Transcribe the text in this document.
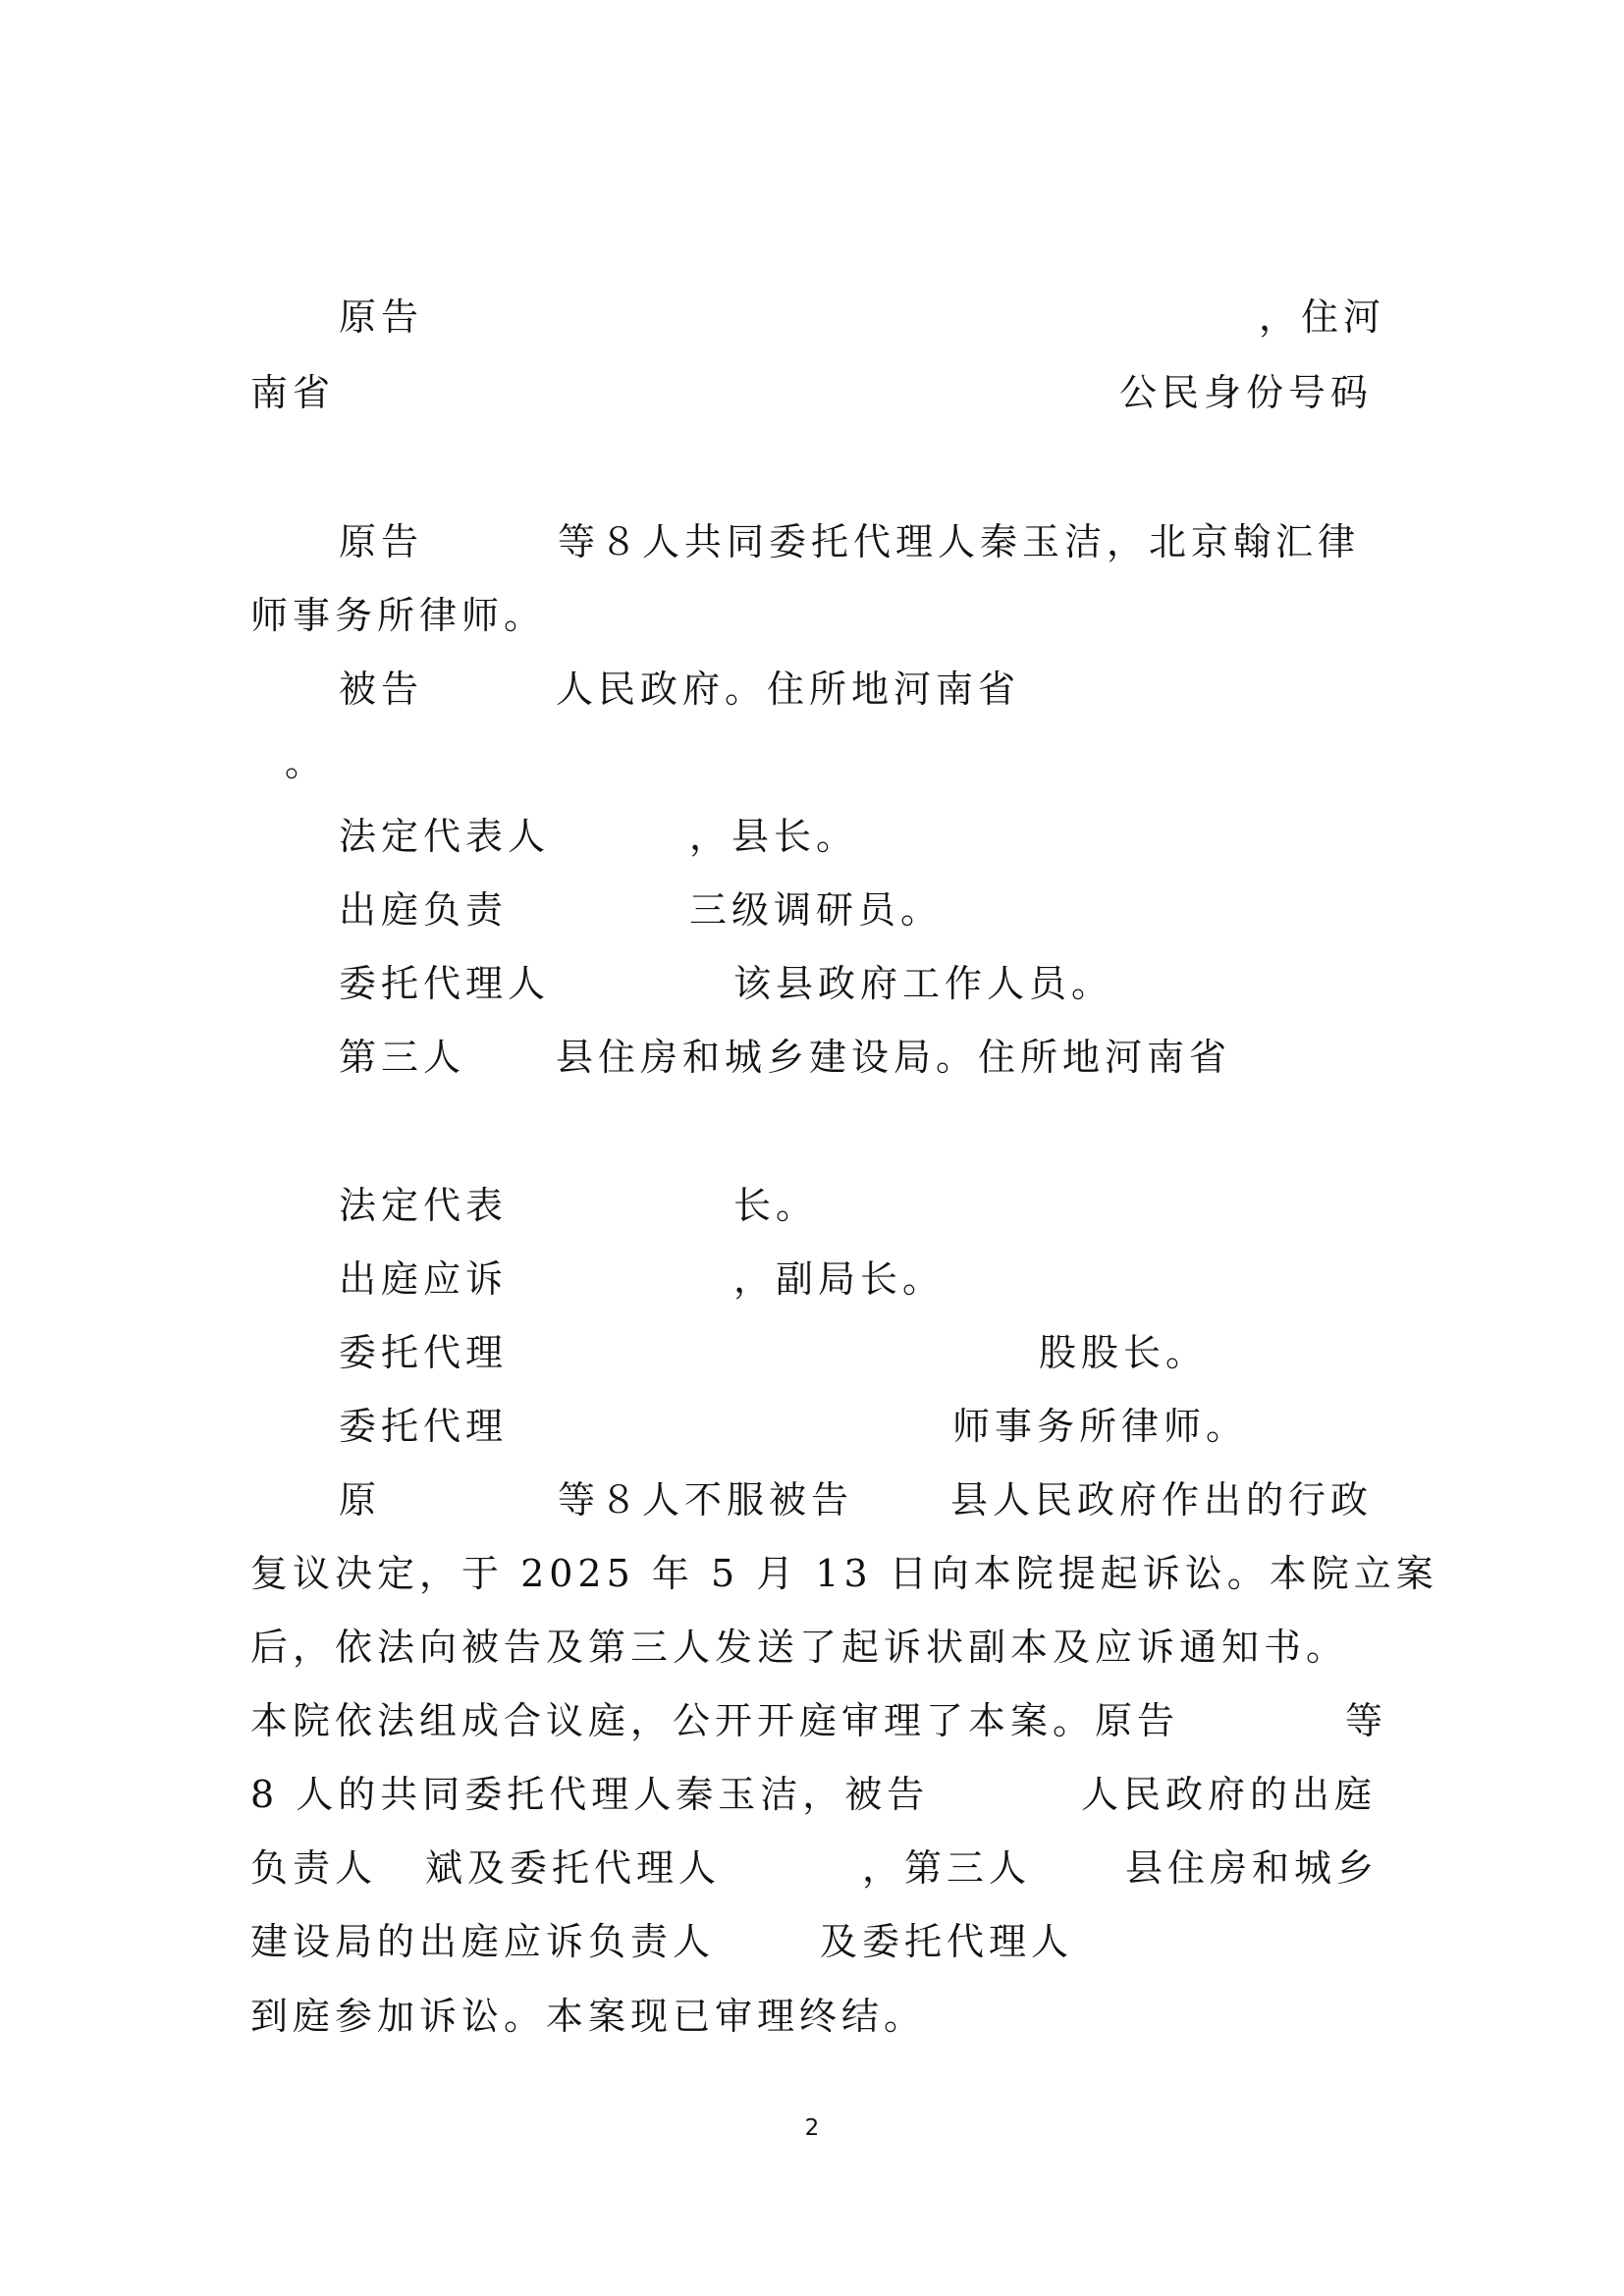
原告	，住河

南省	公民身份号码

原告	等８人共同委托代理人秦玉洁，北京翰汇律

师事务所律师。

被告	人民政府。住所地河南省

。

法定代表人	，县长。

出庭负责	三级调研员。

委托代理人	该县政府工作人员。

第三人 县住房和城乡建设局。住所地河南省

法定代表	长。

出庭应诉	，副局长。

委托代理	股股长。

委托代理	师事务所律师。

原	等８人不服被告	县人民政府作出的行政

复议决定，于 2025 年 5 月 13 日向本院提起诉讼。本院立案

后，依法向被告及第三人发送了起诉状副本及应诉通知书。

本院依法组成合议庭，公开开庭审理了本案。原告	等

8 人的共同委托代理人秦玉洁，被告	人民政府的出庭

负责人 斌及委托代理人	，第三人	县住房和城乡

建设局的出庭应诉负责人	及委托代理人

到庭参加诉讼。本案现已审理终结。

2
